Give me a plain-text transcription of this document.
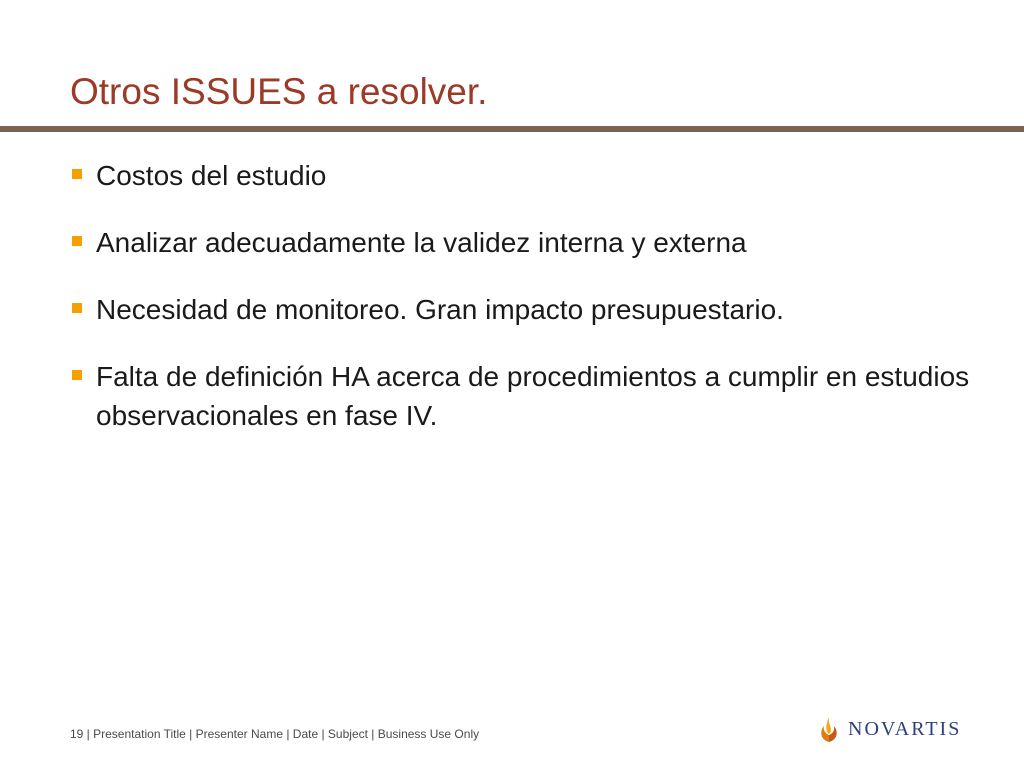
Otros ISSUES a resolver.
Costos del estudio
Analizar adecuadamente la validez interna y externa
Necesidad de monitoreo. Gran impacto presupuestario.
Falta de definición HA acerca de procedimientos a cumplir en estudios observacionales en fase IV.
19 | Presentation Title | Presenter Name | Date | Subject | Business Use Only	NOVARTIS
